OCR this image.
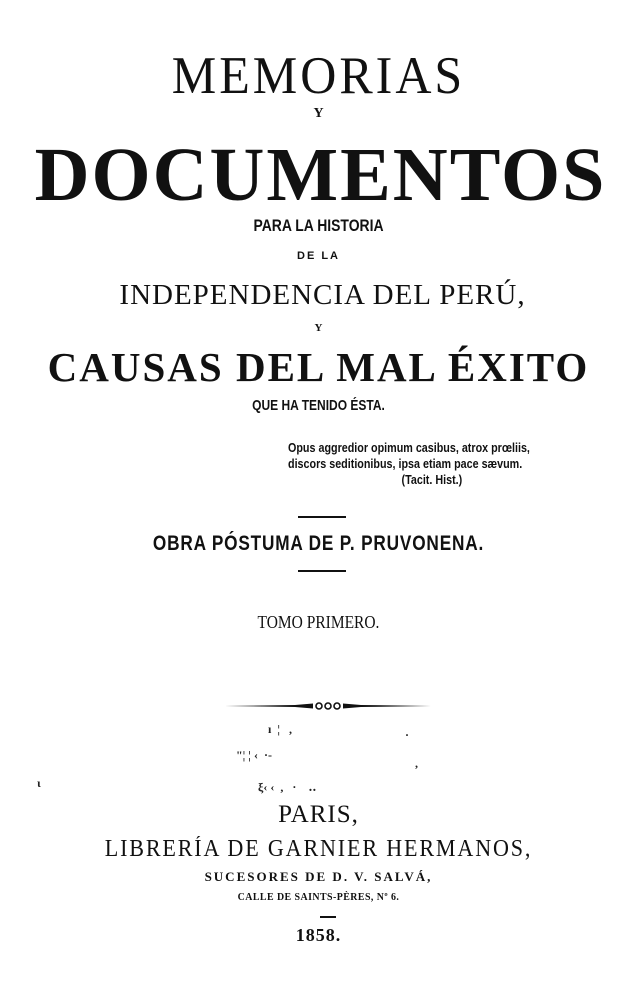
MEMORIAS
Y
DOCUMENTOS
PARA LA HISTORIA
DE LA
INDEPENDENCIA DEL PERÚ,
Y
CAUSAS DEL MAL ÉXITO
QUE HA TENIDO ÉSTA.
Opus aggredior opimum casibus, atrox prœliis,
discors seditionibus, ipsa etiam pace sævum.
(Tacit. Hist.)
OBRA PÓSTUMA DE P. PRUVONENA.
TOMO PRIMERO.
ı  ¦   ,	·
"¦ ¦ ‹  ·-
,
ι	ξ‹ ‹  ,   ·    ‥
PARIS,
LIBRERÍA DE GARNIER HERMANOS,
SUCESORES DE D. V. SALVÁ,
CALLE DE SAINTS-PÈRES, Nº 6.
1858.
